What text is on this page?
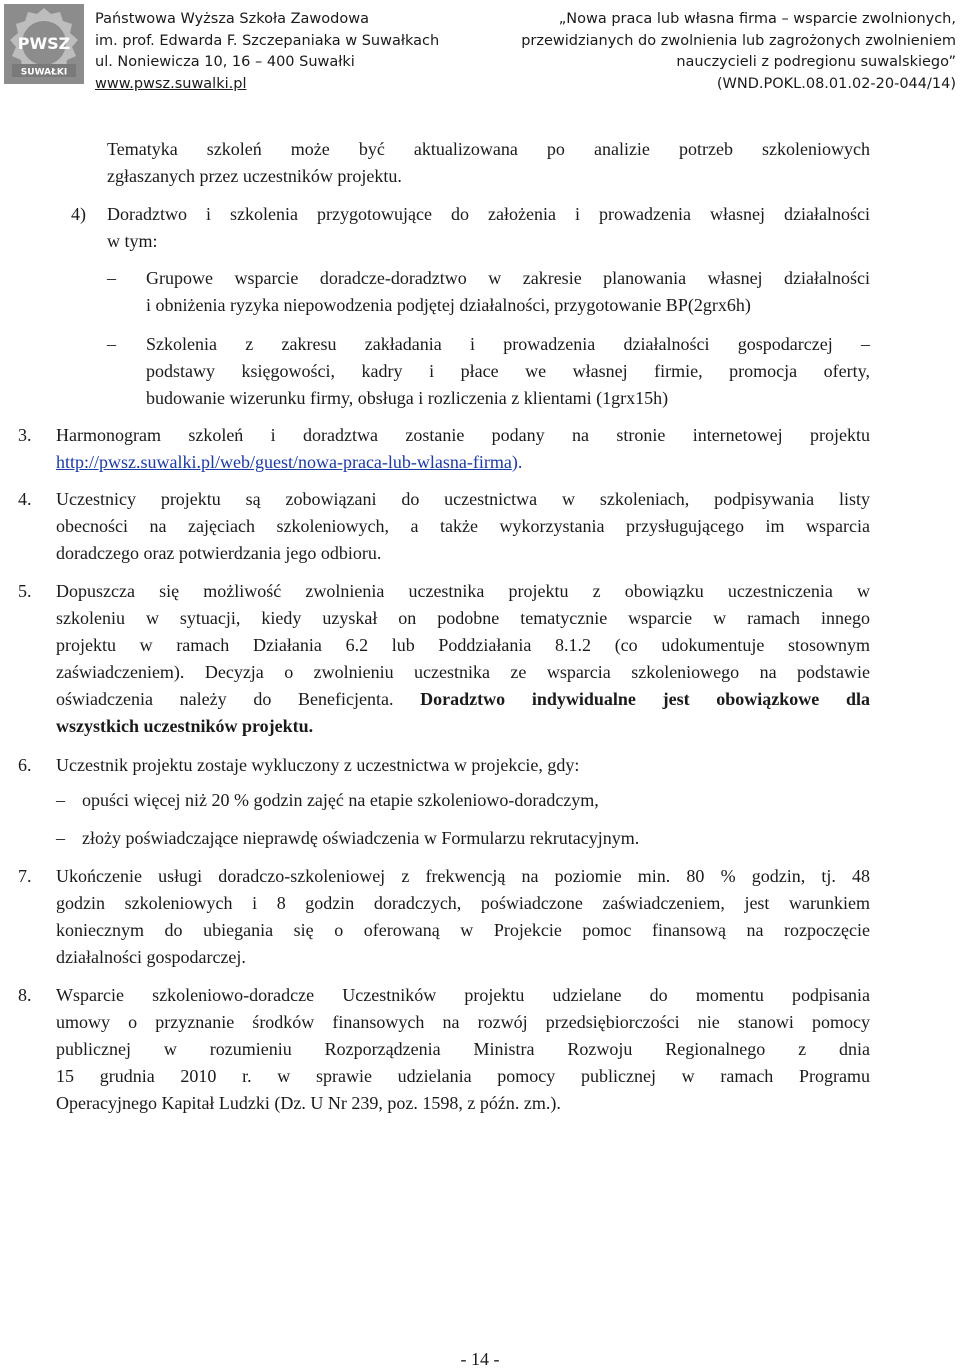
PWSZ
SUWAŁKI
Państwowa Wyższa Szkoła Zawodowa
im. prof. Edwarda F. Szczepaniaka w Suwałkach
ul. Noniewicza 10, 16 – 400 Suwałki
www.pwsz.suwalki.pl
„Nowa praca lub własna firma – wsparcie zwolnionych,
przewidzianych do zwolnienia lub zagrożonych zwolnieniem
nauczycieli z podregionu suwalskiego”
(WND.POKL.08.01.02-20-044/14)
Tematyka szkoleń może być aktualizowana po analizie potrzeb szkoleniowych
zgłaszanych przez uczestników projektu.
4) Doradztwo i szkolenia przygotowujące do założenia i prowadzenia własnej działalności
w tym:
– Grupowe wsparcie doradcze-doradztwo w zakresie planowania własnej działalności
i obniżenia ryzyka niepowodzenia podjętej działalności, przygotowanie BP(2grx6h)
– Szkolenia z zakresu zakładania i prowadzenia działalności gospodarczej –
podstawy księgowości, kadry i płace we własnej firmie, promocja oferty,
budowanie wizerunku firmy, obsługa i rozliczenia z klientami (1grx15h)
3. Harmonogram szkoleń i doradztwa zostanie podany na stronie internetowej projektu
http://pwsz.suwalki.pl/web/guest/nowa-praca-lub-wlasna-firma).
4. Uczestnicy projektu są zobowiązani do uczestnictwa w szkoleniach, podpisywania listy
obecności na zajęciach szkoleniowych, a także wykorzystania przysługującego im wsparcia
doradczego oraz potwierdzania jego odbioru.
5. Dopuszcza się możliwość zwolnienia uczestnika projektu z obowiązku uczestniczenia w
szkoleniu w sytuacji, kiedy uzyskał on podobne tematycznie wsparcie w ramach innego
projektu w ramach Działania 6.2 lub Poddziałania 8.1.2 (co udokumentuje stosownym
zaświadczeniem). Decyzja o zwolnieniu uczestnika ze wsparcia szkoleniowego na podstawie
oświadczenia należy do Beneficjenta. Doradztwo indywidualne jest obowiązkowe dla
wszystkich uczestników projektu.
6. Uczestnik projektu zostaje wykluczony z uczestnictwa w projekcie, gdy:
– opuści więcej niż 20 % godzin zajęć na etapie szkoleniowo-doradczym,
– złoży poświadczające nieprawdę oświadczenia w Formularzu rekrutacyjnym.
7. Ukończenie usługi doradczo-szkoleniowej z frekwencją na poziomie min. 80 % godzin, tj. 48
godzin szkoleniowych i 8 godzin doradczych, poświadczone zaświadczeniem, jest warunkiem
koniecznym do ubiegania się o oferowaną w Projekcie pomoc finansową na rozpoczęcie
działalności gospodarczej.
8. Wsparcie szkoleniowo-doradcze Uczestników projektu udzielane do momentu podpisania
umowy o przyznanie środków finansowych na rozwój przedsiębiorczości nie stanowi pomocy
publicznej w rozumieniu Rozporządzenia Ministra Rozwoju Regionalnego z dnia
15 grudnia 2010 r. w sprawie udzielania pomocy publicznej w ramach Programu
Operacyjnego Kapitał Ludzki (Dz. U Nr 239, poz. 1598, z późn. zm.).
- 14 -
